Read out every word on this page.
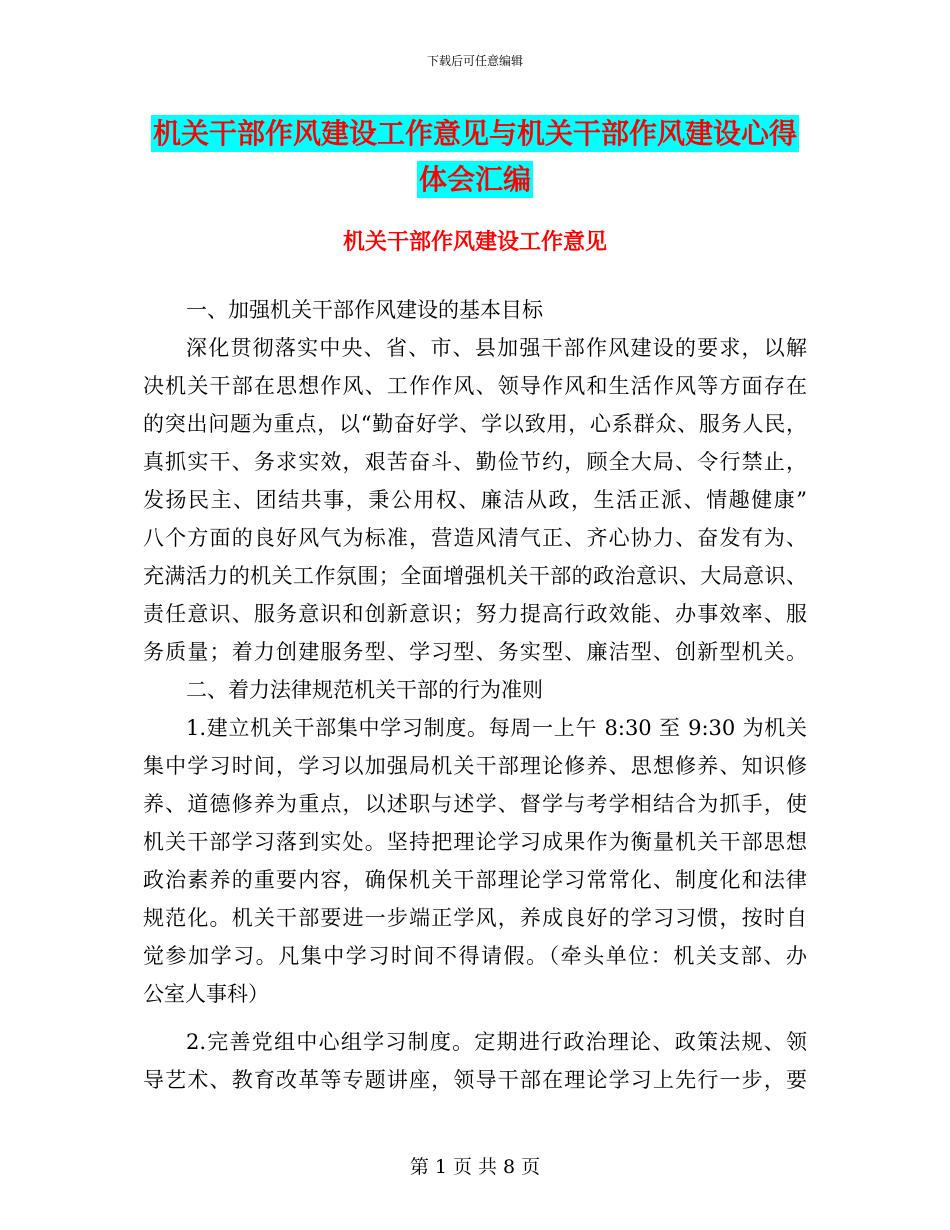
下载后可任意编辑
机关干部作风建设工作意见与机关干部作风建设心得
体会汇编
机关干部作风建设工作意见
一、加强机关干部作风建设的基本目标
深化贯彻落实中央、省、市、县加强干部作风建设的要求，以解
决机关干部在思想作风、工作作风、领导作风和生活作风等方面存在
的突出问题为重点，以“勤奋好学、学以致用，心系群众、服务人民，
真抓实干、务求实效，艰苦奋斗、勤俭节约，顾全大局、令行禁止，
发扬民主、团结共事，秉公用权、廉洁从政，生活正派、情趣健康”
八个方面的良好风气为标准，营造风清气正、齐心协力、奋发有为、
充满活力的机关工作氛围；全面增强机关干部的政治意识、大局意识、
责任意识、服务意识和创新意识；努力提高行政效能、办事效率、服
务质量；着力创建服务型、学习型、务实型、廉洁型、创新型机关。
二、着力法律规范机关干部的行为准则
1.建立机关干部集中学习制度。每周一上午 8:30 至 9:30 为机关
集中学习时间，学习以加强局机关干部理论修养、思想修养、知识修
养、道德修养为重点，以述职与述学、督学与考学相结合为抓手，使
机关干部学习落到实处。坚持把理论学习成果作为衡量机关干部思想
政治素养的重要内容，确保机关干部理论学习常常化、制度化和法律
规范化。机关干部要进一步端正学风，养成良好的学习习惯，按时自
觉参加学习。凡集中学习时间不得请假。（牵头单位：机关支部、办
公室人事科）
2.完善党组中心组学习制度。定期进行政治理论、政策法规、领
导艺术、教育改革等专题讲座，领导干部在理论学习上先行一步，要
第 1 页 共 8 页
